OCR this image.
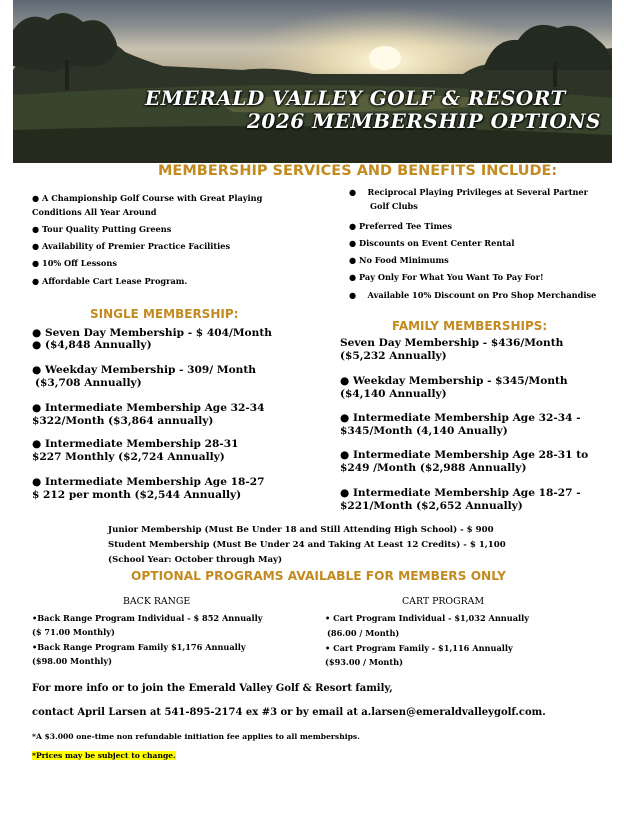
EMERALD VALLEY GOLF & RESORT
2026 MEMBERSHIP OPTIONS
MEMBERSHIP SERVICES AND BENEFITS INCLUDE:
● A Championship Golf Course with Great Playing
Conditions All Year Around
● Tour Quality Putting Greens
● Availability of Premier Practice Facilities
● 10% Off Lessons
● Affordable Cart Lease Program.
●    Reciprocal Playing Privileges at Several Partner
Golf Clubs
● Preferred Tee Times
● Discounts on Event Center Rental
● No Food Minimums
● Pay Only For What You Want To Pay For!
●    Available 10% Discount on Pro Shop Merchandise
SINGLE MEMBERSHIP:
● Seven Day Membership - $ 404/Month
● ($4,848 Annually)
● Weekday Membership - 309/ Month
($3,708 Annually)
● Intermediate Membership Age 32-34
$322/Month ($3,864 annually)
● Intermediate Membership 28-31
$227 Monthly ($2,724 Annually)
● Intermediate Membership Age 18-27
$ 212 per month ($2,544 Annually)
FAMILY MEMBERSHIPS:
Seven Day Membership - $436/Month
($5,232 Annually)
● Weekday Membership - $345/Month
($4,140 Annually)
● Intermediate Membership Age 32-34 -
$345/Month (4,140 Anually)
● Intermediate Membership Age 28-31 to
$249 /Month ($2,988 Annually)
● Intermediate Membership Age 18-27 -
$221/Month ($2,652 Annually)
Junior Membership (Must Be Under 18 and Still Attending High School) - $ 900
Student Membership (Must Be Under 24 and Taking At Least 12 Credits) - $ 1,100
(School Year: October through May)
OPTIONAL PROGRAMS AVAILABLE FOR MEMBERS ONLY
BACK RANGE
•Back Range Program Individual - $ 852 Annually
($ 71.00 Monthly)
•Back Range Program Family $1,176 Annually
($98.00 Monthly)
CART PROGRAM
• Cart Program Individual - $1,032 Annually
(86.00 / Month)
• Cart Program Family - $1,116 Annually
($93.00 / Month)
For more info or to join the Emerald Valley Golf & Resort family,
contact April Larsen at 541-895-2174 ex #3 or by email at a.larsen@emeraldvalleygolf.com.
*A $3.000 one-time non refundable initiation fee applies to all memberships.
*Prices may be subject to change.
